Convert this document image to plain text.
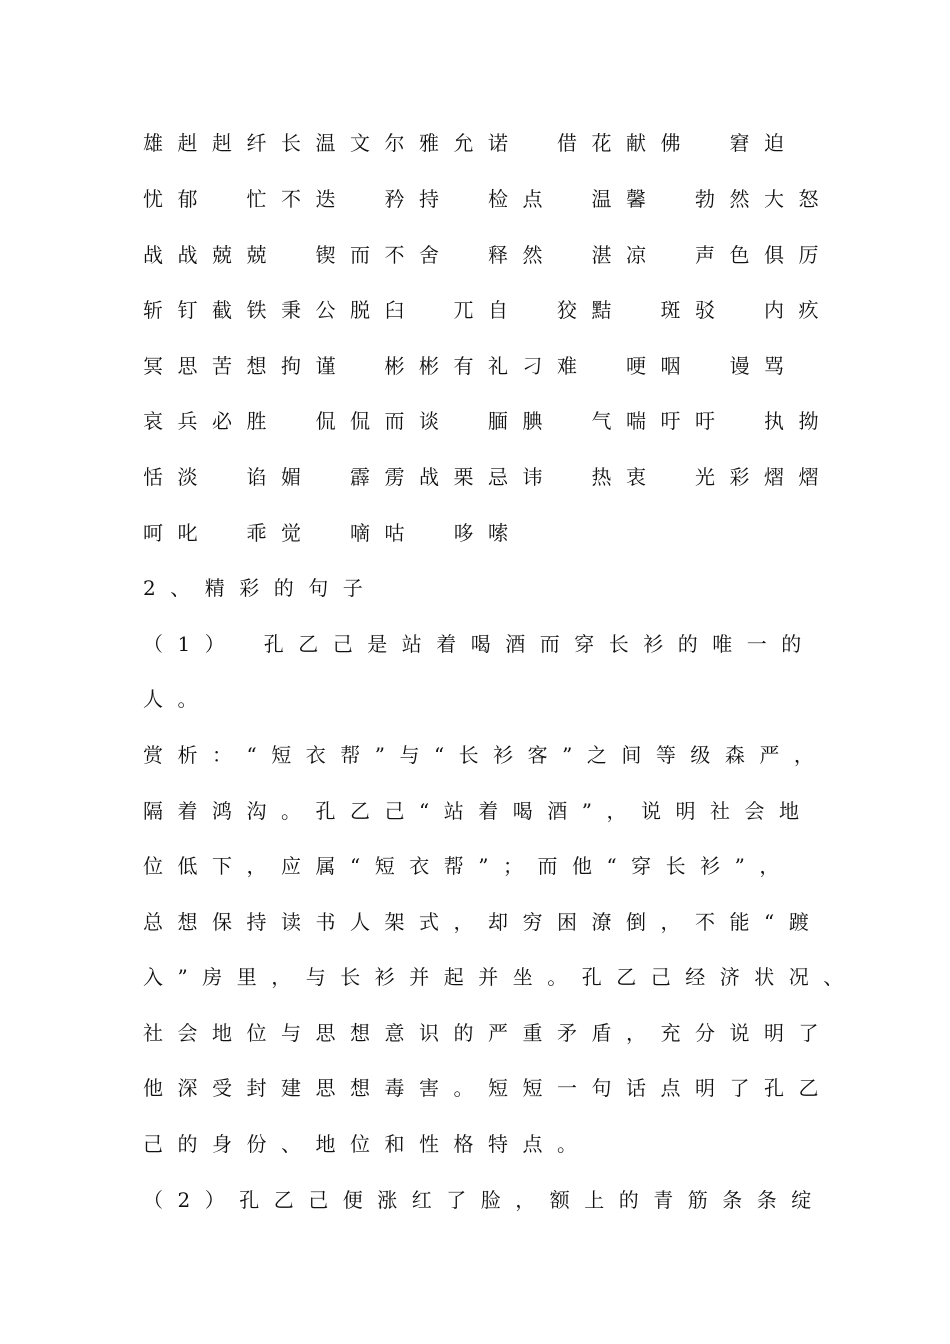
雄赳赳纤长温文尔雅允诺　借花献佛　窘迫
忧郁　忙不迭　矜持　检点　温馨　勃然大怒
战战兢兢　锲而不舍　释然　湛凉　声色俱厉
斩钉截铁秉公脱臼　兀自　狡黠　斑驳　内疚
冥思苦想拘谨　彬彬有礼刁难　哽咽　谩骂
哀兵必胜　侃侃而谈　腼腆　气喘吁吁　执拗
恬淡　谄媚　霹雳战栗忌讳　热衷　光彩熠熠
呵叱　乖觉　嘀咕　哆嗦
2、精彩的句子
（1）　孔乙己是站着喝酒而穿长衫的唯一的
人。
赏析：“短衣帮”与“长衫客”之间等级森严，
隔着鸿沟。孔乙己“站着喝酒”，说明社会地
位低下，应属“短衣帮”；而他“穿长衫”，
总想保持读书人架式，却穷困潦倒，不能“踱
入”房里，与长衫并起并坐。孔乙己经济状况、
社会地位与思想意识的严重矛盾，充分说明了
他深受封建思想毒害。短短一句话点明了孔乙
己的身份、地位和性格特点。
（2）孔乙己便涨红了脸，额上的青筋条条绽
